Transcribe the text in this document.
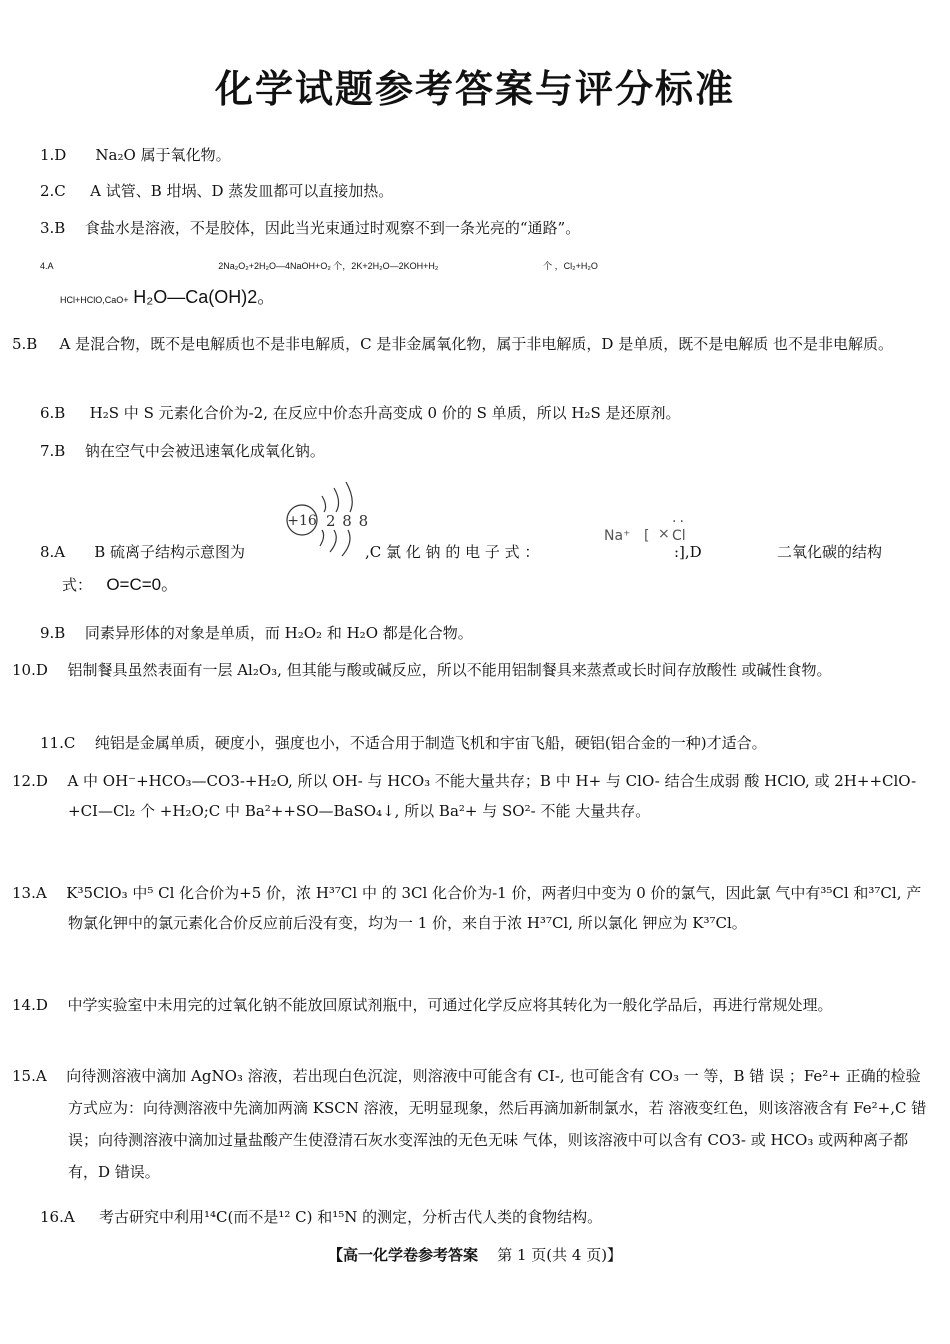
化学试题参考答案与评分标准
1.D Na₂O 属于氧化物。
2.C A 试管、B 坩埚、D 蒸发皿都可以直接加热。
3.B 食盐水是溶液，不是胶体，因此当光束通过时观察不到一条光亮的“通路”。
4.A	2Na₂O₂+2H₂O—4NaOH+O₂ 个，2K+2H₂O—2KOH+H₂	个 ，Cl₂+H₂O
HCl+HClO,CaO+ H₂O—Ca(OH)2。
5.B A 是混合物，既不是电解质也不是非电解质，C 是非金属氧化物，属于非电解质，D 是单质，既不是电解质 也不是非电解质。
6.B H₂S 中 S 元素化合价为-2, 在反应中价态升高变成 0 价的 S 单质，所以 H₂S 是还原剂。
7.B 钠在空气中会被迅速氧化成氧化钠。
+16 2 8 8
Na⁺ [
··
× Cl
8.A B 硫离子结构示意图为	,C 氯 化 钠 的 电 子 式 ：	:],D	二氧化碳的结构
式： O=C=0。
9.B 同素异形体的对象是单质，而 H₂O₂ 和 H₂O 都是化合物。
10.D 铝制餐具虽然表面有一层 Al₂O₃, 但其能与酸或碱反应，所以不能用铝制餐具来蒸煮或长时间存放酸性 或碱性食物。
11.C 纯铝是金属单质，硬度小，强度也小，不适合用于制造飞机和宇宙飞船，硬铝(铝合金的一种)才适合。
12.D A 中 OH⁻+HCO₃—CO3-+H₂O, 所以 OH- 与 HCO₃ 不能大量共存；B 中 H+ 与 ClO- 结合生成弱 酸 HClO, 或 2H++ClO-+CI—Cl₂ 个 +H₂O;C 中 Ba²++SO—BaSO₄↓, 所以 Ba²+ 与 SO²- 不能 大量共存。
13.A K³5ClO₃ 中⁵ Cl 化合价为+5 价，浓 H³⁷Cl 中 的 3Cl 化合价为-1 价，两者归中变为 0 价的氯气，因此氯 气中有³⁵Cl 和³⁷Cl, 产物氯化钾中的氯元素化合价反应前后没有变，均为一 1 价，来自于浓 H³⁷Cl, 所以氯化 钾应为 K³⁷Cl。
14.D 中学实验室中未用完的过氧化钠不能放回原试剂瓶中，可通过化学反应将其转化为一般化学品后，再进行常规处理。
15.A 向待测溶液中滴加 AgNO₃ 溶液，若出现白色沉淀，则溶液中可能含有 CI-, 也可能含有 CO₃ 一 等，B 错 误 ；Fe²+ 正确的检验方式应为：向待测溶液中先滴加两滴 KSCN 溶液，无明显现象，然后再滴加新制氯水，若 溶液变红色，则该溶液含有 Fe²+,C 错误；向待测溶液中滴加过量盐酸产生使澄清石灰水变浑浊的无色无味 气体，则该溶液中可以含有 CO3- 或 HCO₃ 或两种离子都有，D 错误。
16.A 考古研究中利用¹⁴C(而不是¹² C) 和¹⁵N 的测定，分析古代人类的食物结构。
【高一化学卷参考答案 第 1 页(共 4 页)】
